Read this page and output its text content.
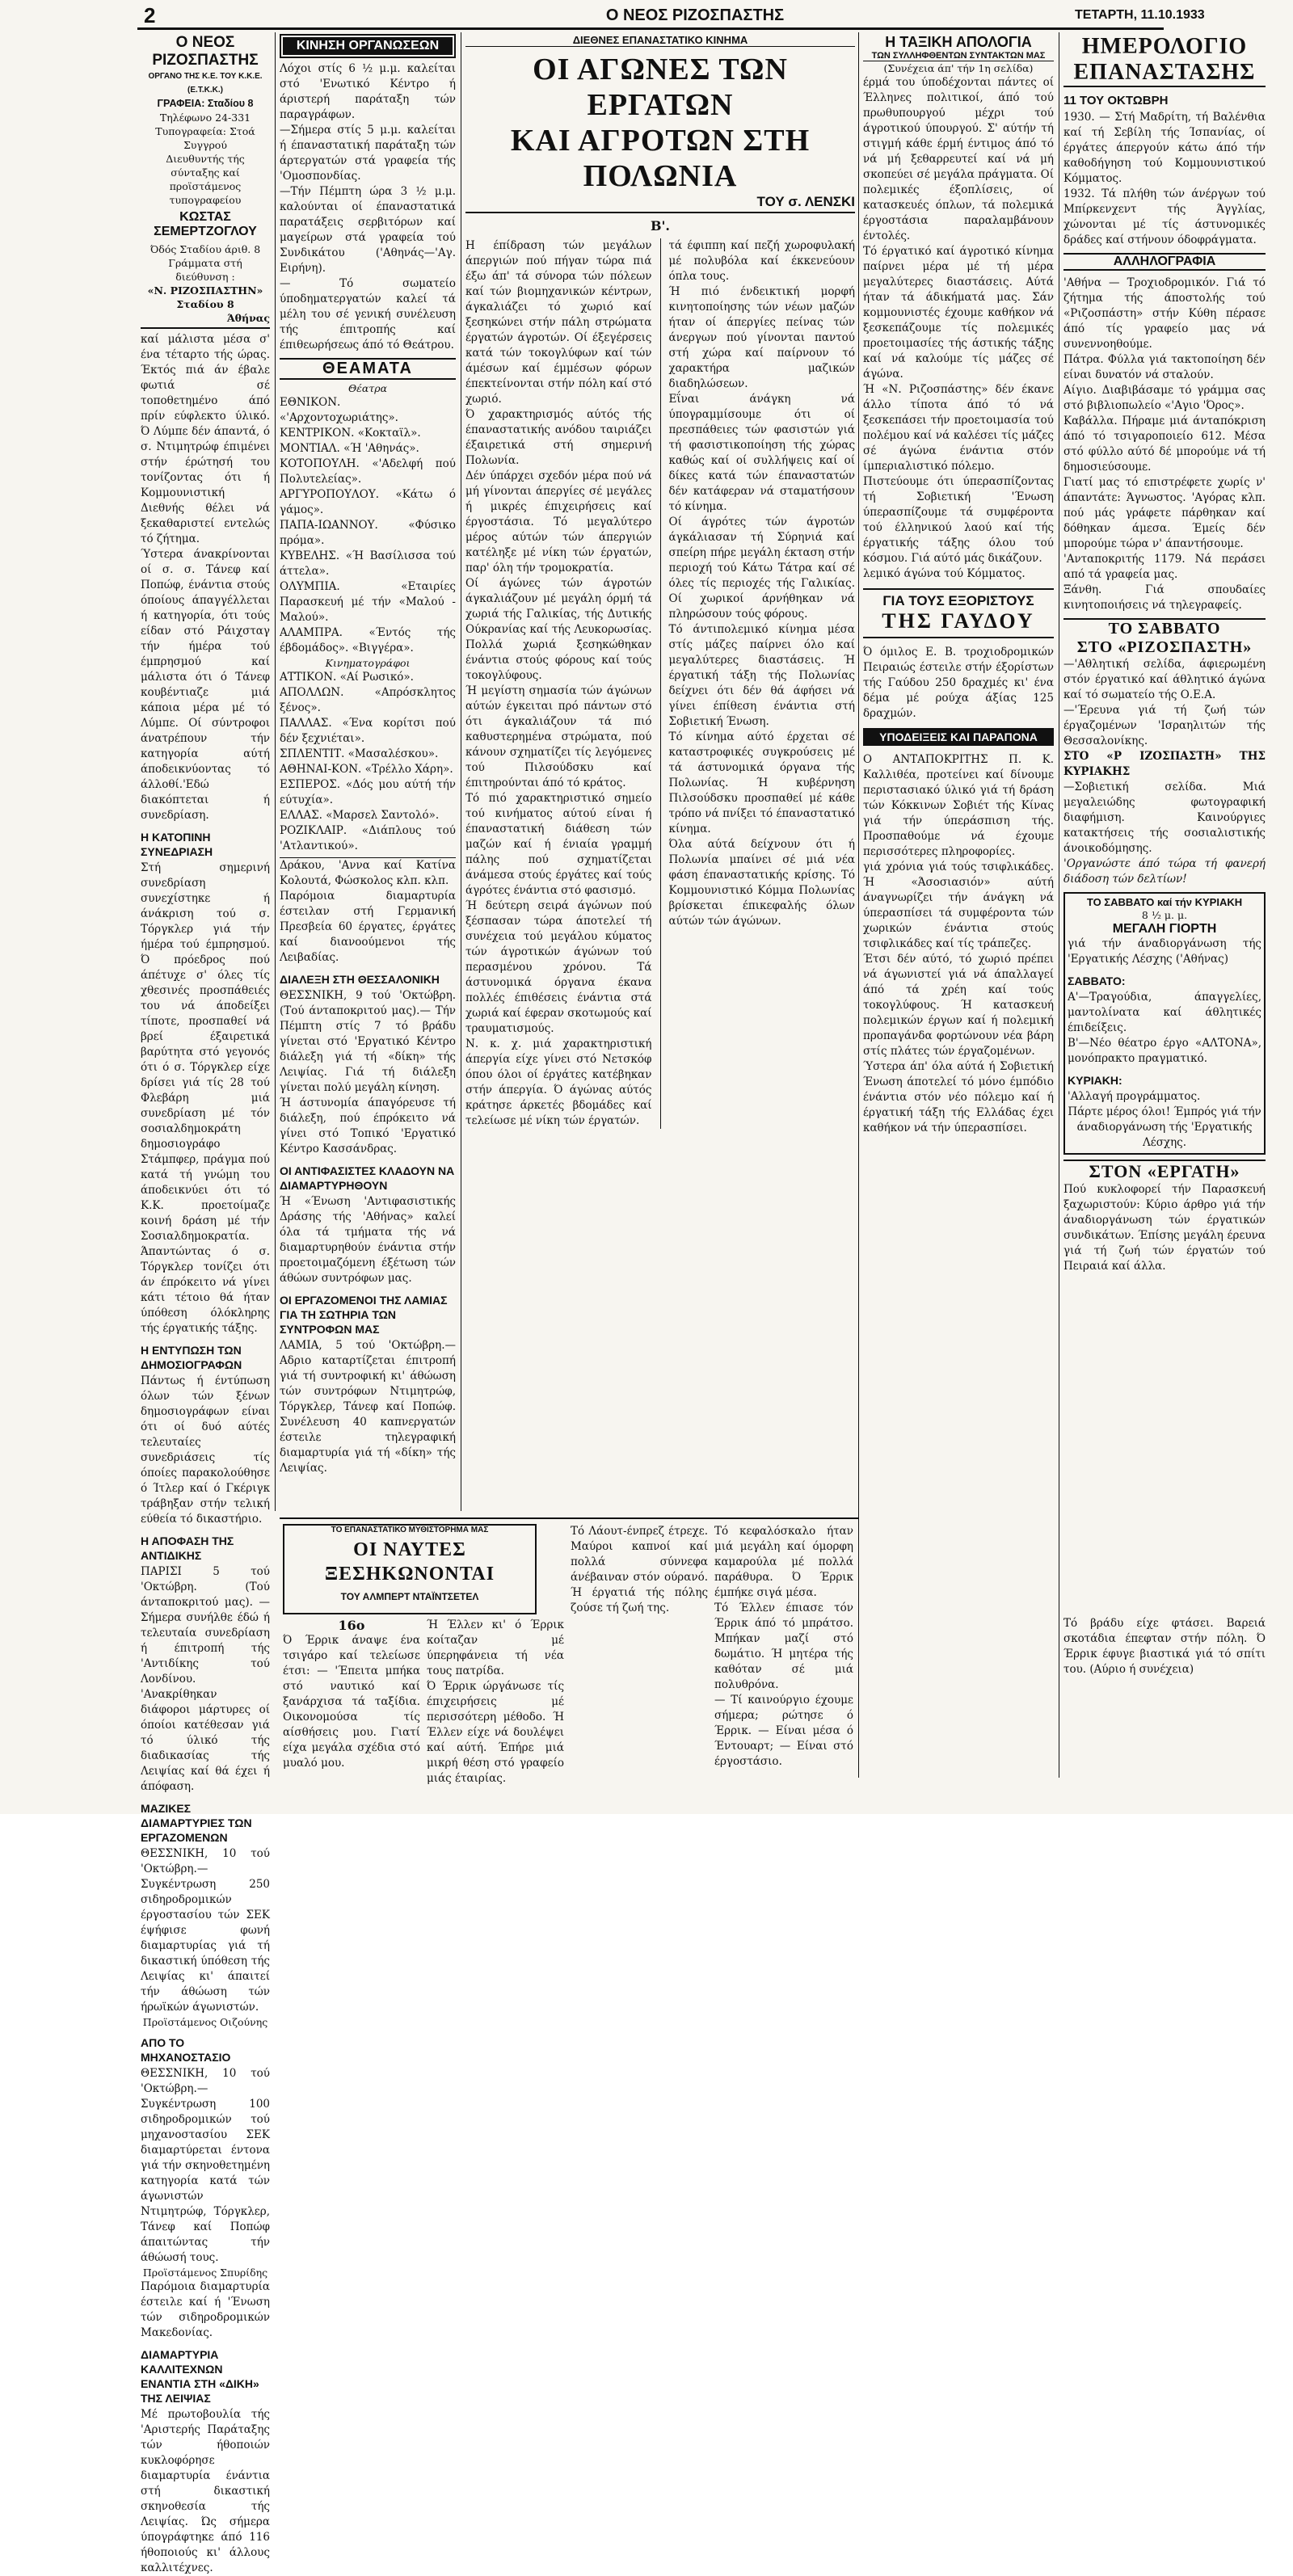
2	Ο ΝΕΟΣ ΡΙΖΟΣΠΑΣΤΗΣ	ΤΕΤΑΡΤΗ, 11.10.1933
Ο ΝΕΟΣ ΡΙΖΟΣΠΑΣΤΗΣ
ΟΡΓΑΝΟ ΤΗΣ Κ.Ε. ΤΟΥ Κ.Κ.Ε. (Ε.Τ.Κ.Κ.)
ΓΡΑΦΕΙΑ: Σταδίου 8
Τηλέφωνο 24-331
Τυπογραφεία: Στοά Συγγρού
Διευθυντής τής σύνταξης καί προϊστάμενος τυπογραφείου
ΚΩΣΤΑΣ ΣΕΜΕΡΤΖΟΓΛΟΥ
Όδός Σταδίου άριθ. 8
Γράμματα στή διεύθυνση :
«Ν. ΡΙΖΟΣΠΑΣΤΗΝ» Σταδίου 8
Άθήνας

καί μάλιστα μέσα σ' ένα τέταρτο τής ώρας. Έκτός πιά άν έβαλε φωτιά σέ τοποθετημένο άπό πρίν εύφλεκτο ύλικό. Ό Λύμπε δέν άπαντά, ό σ. Ντιμητρώφ έπιμένει στήν έρώτησή του τονίζοντας ότι ή Κομμουνιστική Διεθνής θέλει νά ξεκαθαριστεί εντελώς τό ζήτημα.

Ύστερα άνακρίνονται οί σ. σ. Τάνεφ καί Ποπώφ, ένάντια στούς όποίους άπαγγέλλεται ή κατηγορία, ότι τούς είδαν στό Ράιχσταγ τήν ήμέρα τού έμπρησμού καί μάλιστα ότι ό Τάνεφ κουβέντιαζε μιά κάποια μέρα μέ τό Λύμπε. Οί σύντροφοι άνατρέπουν τήν κατηγορία αύτή άποδεικνύοντας τό άλλοθί.'Εδώ διακόπτεται ή συνεδρίαση.

Η ΚΑΤΟΠΙΝΗ ΣΥΝΕΔΡΙΑΣΗ

Στή σημερινή συνεδρίαση συνεχίστηκε ή άνάκριση τού σ. Τόργκλερ γιά τήν ήμέρα τού έμπρησμού. Ό πρόεδρος πού άπέτυχε σ' όλες τίς χθεσινές προσπάθειές του νά άποδείξει τίποτε, προσπαθεί νά βρεί έξαιρετικά βαρύτητα στό γεγονός ότι ό σ. Τόργκλερ είχε δρίσει γιά τίς 28 τού Φλεβάρη μιά συνεδρίαση μέ τόν σοσιαλδημοκράτη δημοσιογράφο Στάμπφερ, πράγμα πού κατά τή γνώμη του άποδεικνύει ότι τό Κ.Κ. προετοίμαζε κοινή δράση μέ τήν Σοσιαλδημοκρατία. Άπαντώντας ό σ. Τόργκλερ τονίζει ότι άν έπρόκειτο νά γίνει κάτι τέτοιο θά ήταν ύπόθεση όλόκληρης τής έργατικής τάξης.

Η ΕΝΤΥΠΩΣΗ ΤΩΝ ΔΗΜΟΣΙΟΓΡΑΦΩΝ

Πάντως ή έντύπωση όλων τών ξένων δημοσιογράφων είναι ότι οί δυό αύτές τελευταίες συνεδριάσεις τίς όποίες παρακολούθησε ό Ίτλερ καί ό Γκέριγκ τράβηξαν στήν τελική εύθεία τό δικαστήριο.

Η ΑΠΟΦΑΣΗ ΤΗΣ ΑΝΤΙΔΙΚΗΣ

ΠΑΡΙΣΙ 5 τού 'Οκτώβρη. (Τού άνταποκριτού μας). — Σήμερα συνήλθε έδώ ή τελευταία συνεδρίαση ή έπιτροπή τής 'Αντιδίκης τού Λονδίνου. 'Ανακρίθηκαν διάφοροι μάρτυρες οί όποίοι κατέθεσαν γιά τό ύλικό τής διαδικασίας τής Λειψίας καί θά έχει ή άπόφαση.

ΜΑΖΙΚΕΣ ΔΙΑΜΑΡΤΥΡΙΕΣ ΤΩΝ ΕΡΓΑΖΟΜΕΝΩΝ

ΘΕΣΣΝΙΚΗ, 10 τού 'Οκτώβρη.— Συγκέντρωση 250 σιδηροδρομικών έργοστασίου τών ΣΕΚ έψήφισε φωνή διαμαρτυρίας γιά τή δικαστική ύπόθεση τής Λειψίας κι' άπαιτεί τήν άθώωση τών ήρωϊκών άγωνιστών.

Προϊστάμενος Οιζούνης
ΑΠΟ ΤΟ ΜΗΧΑΝΟΣΤΑΣΙΟ

ΘΕΣΣΝΙΚΗ, 10 τού 'Οκτώβρη.— Συγκέντρωση 100 σιδηροδρομικών τού μηχανοστασίου ΣΕΚ διαμαρτύρεται έντονα γιά τήν σκηνοθετημένη κατηγορία κατά τών άγωνιστών Ντιμητρώφ, Τόργκλερ, Τάνεφ καί Ποπώφ άπαιτώντας τήν άθώωσή τους.

Προϊστάμενος Σπυρίδης

Παρόμοια διαμαρτυρία έστειλε καί ή 'Ένωση τών σιδηροδρομικών Μακεδονίας.

ΔΙΑΜΑΡΤΥΡΙΑ ΚΑΛΛΙΤΕΧΝΩΝ ΕΝΑΝΤΙΑ ΣΤΗ «ΔΙΚΗ» ΤΗΣ ΛΕΙΨΙΑΣ

Μέ πρωτοβουλία τής 'Αριστερής Παράταξης τών ήθοποιών κυκλοφόρησε διαμαρτυρία ένάντια στή δικαστική σκηνοθεσία τής Λειψίας. Ώς σήμερα ύπογράφτηκε άπό 116 ήθοποιούς κι' άλλους καλλιτέχνες.

ΚΙΝΗΣΗ ΟΡΓΑΝΩΣΕΩΝ

Λόχοι στίς 6 ½ μ.μ. καλείται στό 'Ενωτικό Κέντρο ή άριστερή παράταξη τών παραγράφων.

—Σήμερα στίς 5 μ.μ. καλείται ή έπαναστατική παράταξη τών άρτεργατών στά γραφεία τής 'Ομοσπονδίας.

—Τήν Πέμπτη ώρα 3 ½ μ.μ. καλούνται οί έπαναστατικά παρατάξεις σερβιτόρων καί μαγείρων στά γραφεία τού Συνδικάτου ('Αθηνάς—'Αγ. Ειρήνη).

— Τό σωματείο ύποδηματεργατών καλεί τά μέλη του σέ γενική συνέλευση τής έπιτροπής καί έπιθεωρήσεως άπό τό Θεάτρου.

ΘΕΑΜΑΤΑ
Θέατρα
ΕΘΝΙΚΟΝ. «'Αρχοντοχωριάτης».
ΚΕΝΤΡΙΚΟΝ. «Κοκταϊλ».
ΜΟΝΤΙΑΛ. «Ή 'Αθηνάς».
ΚΟΤΟΠΟΥΛΗ. «'Αδελφή πού Πολυτελείας».
ΑΡΓΥΡΟΠΟΥΛΟΥ. «Κάτω ό γάμος».
ΠΑΠΑ-ΙΩΑΝΝΟΥ. «Φύσικο πρόμα».
ΚΥΒΕΛΗΣ. «Ή Βασίλισσα τού άττελα».
ΟΛΥΜΠΙΑ. «Εταιρίες Παρασκευή μέ τήν «Μαλού - Μαλού».
ΑΛΑΜΠΡΑ. «Έντός τής έβδομάδος». «Βιγγέρα».
Κινηματογράφοι
ΑΤΤΙΚΟΝ. «Αί Ρωσικό».
ΑΠΟΛΛΩΝ. «Απρόσκλητος ξένος».
ΠΑΛΛΑΣ. «Ένα κορίτσι πού δέν ξεχνιέται».
ΣΠΛΕΝΤΙΤ. «Μασαλέσκου».
ΑΘΗΝΑΙ-ΚΟΝ. «Τρέλλο Χάρη».
ΕΣΠΕΡΟΣ. «Δός μου αύτή τήν εύτυχία».
ΕΛΛΑΣ. «Μαρσελ Σαντολό».
ΡΟΖΙΚΛΑΙΡ. «Διάπλους τού 'Ατλαντικού».

Δράκου, 'Αννα καί Κατίνα Κολουτά, Φώσκολος κλπ. κλπ.

Παρόμοια διαμαρτυρία έστειλαν στή Γερμανική Πρεσβεία 60 έργατες, έργάτες καί διανοούμενοι τής Λειβαδίας.

ΔΙΑΛΕΞΗ ΣΤΗ ΘΕΣΣΑΛΟΝΙΚΗ

ΘΕΣΣΝΙΚΗ, 9 τού 'Οκτώβρη. (Τού άνταποκριτού μας).— Τήν Πέμπτη στίς 7 τό βράδυ γίνεται στό 'Εργατικό Κέντρο διάλεξη γιά τή «δίκη» τής Λειψίας. Γιά τή διάλεξη γίνεται πολύ μεγάλη κίνηση.

Ή άστυνομία άπαγόρευσε τή διάλεξη, πού έπρόκειτο νά γίνει στό Τοπικό 'Εργατικό Κέντρο Κασσάνδρας.

ΟΙ ΑΝΤΙΦΑΣΙΣΤΕΣ ΚΛΑΔΟΥΝ ΝΑ ΔΙΑΜΑΡΤΥΡΗΘΟΥΝ

Ή «Ένωση 'Αντιφασιστικής Δράσης τής 'Αθήνας» καλεί όλα τά τμήματα τής νά διαμαρτυρηθούν ένάντια στήν προετοιμαζόμενη έξέτωση τών άθώων συντρόφων μας.

ΟΙ ΕΡΓΑΖΟΜΕΝΟΙ ΤΗΣ ΛΑΜΙΑΣ ΓΙΑ ΤΗ ΣΩΤΗΡΙΑ ΤΩΝ ΣΥΝΤΡΟΦΩΝ ΜΑΣ

ΛΑΜΙΑ, 5 τού 'Οκτώβρη.— Αδριο καταρτίζεται έπιτροπή γιά τή συντροφική κι' άθώωση τών συντρόφων Ντιμητρώφ, Τόργκλερ, Τάνεφ καί Ποπώφ. Συνέλευση 40 καπνεργατών έστειλε τηλεγραφική διαμαρτυρία γιά τή «δίκη» τής Λειψίας.

ΔΙΕΘΝΕΣ ΕΠΑΝΑΣΤΑΤΙΚΟ ΚΙΝΗΜΑ
ΟΙ ΑΓΩΝΕΣ ΤΩΝ ΕΡΓΑΤΩΝ
ΚΑΙ ΑΓΡΟΤΩΝ ΣΤΗ ΠΟΛΩΝΙΑ
ΤΟΥ σ. ΛΕΝΣΚΙ
Β'.

Η έπίδραση τών μεγάλων άπεργιών πού πήγαν τώρα πιά έξω άπ' τά σύνορα τών πόλεων καί τών βιομηχανικών κέντρων, άγκαλιάζει τό χωριό καί ξεσηκώνει στήν πάλη στρώματα έργατών άγροτών. Οί έξεγέρσεις κατά τών τοκογλύφων καί τών άμέσων καί έμμέσων φόρων έπεκτείνονται στήν πόλη καί στό χωριό.

Ό χαρακτηρισμός αύτός τής έπαναστατικής ανόδου ταιριάζει έξαιρετικά στή σημερινή Πολωνία.

Δέν ύπάρχει σχεδόν μέρα πού νά μή γίνονται άπεργίες σέ μεγάλες ή μικρές έπιχειρήσεις καί έργοστάσια. Τό μεγαλύτερο μέρος αύτών τών άπεργιών κατέληξε μέ νίκη τών έργατών, παρ' όλη τήν τρομοκρατία.

Οί άγώνες τών άγροτών άγκαλιάζουν μέ μεγάλη όρμή τά χωριά τής Γαλικίας, τής Δυτικής Ούκρανίας καί τής Λευκορωσίας. Πολλά χωριά ξεσηκώθηκαν ένάντια στούς φόρους καί τούς τοκογλύφους.

Ή μεγίστη σημασία τών άγώνων αύτών έγκειται πρό πάντων στό ότι άγκαλιάζουν τά πιό καθυστερημένα στρώματα, πού κάνουν σχηματίζει τίς λεγόμενες τού Πιλσούδσκυ καί έπιτηρούνται άπό τό κράτος.

Τό πιό χαρακτηριστικό σημείο τού κινήματος αύτού είναι ή έπαναστατική διάθεση τών μαζών καί ή ένιαία γραμμή πάλης πού σχηματίζεται άνάμεσα στούς έργάτες καί τούς άγρότες ένάντια στό φασισμό.

Ή δεύτερη σειρά άγώνων πού ξέσπασαν τώρα άποτελεί τή συνέχεια τού μεγάλου κύματος τών άγροτικών άγώνων τού περασμένου χρόνου. Τά άστυνομικά όργανα έκανα πολλές έπιθέσεις ένάντια στά χωριά καί έφεραν σκοτωμούς καί τραυματισμούς.

Ν. κ. χ. μιά χαρακτηριστική άπεργία είχε γίνει στό Νετσκόφ όπου όλοι οί έργάτες κατέβηκαν στήν άπεργία. Ό άγώνας αύτός κράτησε άρκετές βδομάδες καί τελείωσε μέ νίκη τών έργατών.

τά έφιππη καί πεζή χωροφυλακή μέ πολυβόλα καί έκκενεύουν όπλα τους.

Ή πιό ένδεικτική μορφή κινητοποίησης τών νέων μαζών ήταν οί άπεργίες πείνας τών άνεργων πού γίνονται παντού στή χώρα καί παίρνουν τό χαρακτήρα μαζικών διαδηλώσεων.

Εΐναι άνάγκη νά ύπογραμμίσουμε ότι οί πρεσπάθειες τών φασιστών γιά τή φασιστικοποίηση τής χώρας καθώς καί οί συλλήψεις καί οί δίκες κατά τών έπαναστατών δέν κατάφεραν νά σταματήσουν τό κίνημα.

Οί άγρότες τών άγροτών άγκάλιασαν τή Σύρηνιά καί σπείρη πήρε μεγάλη έκταση στήν περιοχή τού Κάτω Τάτρα καί σέ όλες τίς περιοχές τής Γαλικίας. Οί χωρικοί άρνήθηκαν νά πληρώσουν τούς φόρους.

Τό άντιπολεμικό κίνημα μέσα στίς μάζες παίρνει όλο καί μεγαλύτερες διαστάσεις. Ή έργατική τάξη τής Πολωνίας δείχνει ότι δέν θά άφήσει νά γίνει έπίθεση ένάντια στή Σοβιετική Ένωση.

Τό κίνημα αύτό έρχεται σέ καταστροφικές συγκρούσεις μέ τά άστυνομικά όργανα τής Πολωνίας. Ή κυβέρνηση Πιλσούδσκυ προσπαθεί μέ κάθε τρόπο νά πνίξει τό έπαναστατικό κίνημα.

Όλα αύτά δείχνουν ότι ή Πολωνία μπαίνει σέ μιά νέα φάση έπαναστατικής κρίσης. Τό Κομμουνιστικό Κόμμα Πολωνίας βρίσκεται έπικεφαλής όλων αύτών τών άγώνων.

Η ΤΑΞΙΚΗ ΑΠΟΛΟΓΙΑ
ΤΩΝ ΣΥΛΛΗΦΘΕΝΤΩΝ ΣΥΝΤΑΚΤΩΝ ΜΑΣ
(Συνέχεια άπ' τήν 1η σελίδα)

έρμά του ύποδέχονται πάντες οί Έλληνες πολιτικοί, άπό τού πρωθυπουργού μέχρι τού άγροτικού ύπουργού. Σ' αύτήν τή στιγμή κάθε έρμή έντιμος άπό τό νά μή ξεθαρρευτεί καί νά μή σκοπεύει σέ μεγάλα πράγματα. Οί πολεμικές έξοπλίσεις, οί κατασκευές όπλων, τά πολεμικά έργοστάσια παραλαμβάνουν έντολές.

Τό έργατικό καί άγροτικό κίνημα παίρνει μέρα μέ τή μέρα μεγαλύτερες διαστάσεις. Αύτά ήταν τά άδικήματά μας. Σάν κομμουνιστές έχουμε καθήκον νά ξεσκεπάζουμε τίς πολεμικές προετοιμασίες τής άστικής τάξης καί νά καλούμε τίς μάζες σέ άγώνα.

Ή «Ν. Ριζοσπάστης» δέν έκανε άλλο τίποτα άπό τό νά ξεσκεπάσει τήν προετοιμασία τού πολέμου καί νά καλέσει τίς μάζες σέ άγώνα ένάντια στόν ίμπεριαλιστικό πόλεμο.

Πιστεύουμε ότι ύπερασπίζοντας τή Σοβιετική 'Ένωση ύπερασπίζουμε τά συμφέροντα τού έλληνικού λαού καί τής έργατικής τάξης όλου τού κόσμου. Γιά αύτό μάς δικάζουν.

λεμικό άγώνα τού Κόμματος.

ΓΙΑ ΤΟΥΣ ΕΞΟΡΙΣΤΟΥΣ
ΤΗΣ ΓΑΥΔΟΥ

Ό όμιλος Ε. Β. τροχιοδρομικών Πειραιώς έστειλε στήν έξορίστων τής Γαύδου 250 δραχμές κι' ένα δέμα μέ ρούχα άξίας 125 δραχμών.

ΥΠΟΔΕΙΞΕΙΣ ΚΑΙ ΠΑΡΑΠΟΝΑ

Ο ΑΝΤΑΠΟΚΡΙΤΗΣ Π. Κ. Καλλιθέα, προτείνει καί δίνουμε περιστασιακό ύλικό γιά τή δράση τών Κόκκινων Σοβιέτ τής Κίνας γιά τήν ύπεράσπιση τής. Προσπαθούμε νά έχουμε περισσότερες πληροφορίες.

γιά χρόνια γιά τούς τσιφλικάδες. Ή «Άσοσιασιόν» αύτή άναγνωρίζει τήν άνάγκη νά ύπερασπίσει τά συμφέροντα τών χωρικών ένάντια στούς τσιφλικάδες καί τίς τράπεζες.

Έτσι δέν αύτό, τό χωριό πρέπει νά άγωνιστεί γιά νά άπαλλαγεί άπό τά χρέη καί τούς τοκογλύφους. Ή κατασκευή πολεμικών έργων καί ή πολεμική προπαγάνδα φορτώνουν νέα βάρη στίς πλάτες τών έργαζομένων.

Ύστερα άπ' όλα αύτά ή Σοβιετική Ένωση άποτελεί τό μόνο έμπόδιο ένάντια στόν νέο πόλεμο καί ή έργατική τάξη τής Ελλάδας έχει καθήκον νά τήν ύπερασπίσει.

ΗΜΕΡΟΛΟΓΙΟ
ΕΠΑΝΑΣΤΑΣΗΣ
11 ΤΟΥ ΟΚΤΩΒΡΗ

1930. — Στή Μαδρίτη, τή Βαλένθια καί τή Σεβίλη τής Ίσπανίας, οί έργάτες άπεργούν κάτω άπό τήν καθοδήγηση τού Κομμουνιστικού Κόμματος.

1932. Τά πλήθη τών άνέργων τού Μπίρκενχεντ τής Άγγλίας, χώνονται μέ τίς άστυνομικές δράδες καί στήνουν όδοφράγματα.

ΑΛΛΗΛΟΓΡΑΦΙΑ

'Αθήνα — Τροχιοδρομικόν. Γιά τό ζήτημα τής άποστολής τού «Ριζοσπάστη» στήν Κύθη πέρασε άπό τίς γραφείο μας νά συνεννοηθούμε.

Πάτρα. Φύλλα γιά τακτοποίηση δέν είναι δυνατόν νά σταλούν.

Αίγιο. Διαβιβάσαμε τό γράμμα σας στό βιβλιοπωλείο «'Αγιο 'Όρος».

Καβάλλα. Πήραμε μιά άνταπόκριση άπό τό τσιγαροποιείο 612. Μέσα στό φύλλο αύτό δέ μπορούμε νά τή δημοσιεύσουμε.

Γιατί μας τό επιστρέφετε χωρίς ν' άπαντάτε: Άγνωστος. 'Αγόρας κλπ. πού μάς γράφετε πάρθηκαν καί δόθηκαν άμεσα. Έμείς δέν μπορούμε τώρα ν' άπαντήσουμε.

'Ανταποκριτής 1179. Νά περάσει από τά γραφεία μας.

Ξάνθη. Γιά σπουδαίες κινητοποιήσεις νά τηλεγραφείς.

ΤΟ ΣΑΒΒΑΤΟ
ΣΤΟ «ΡΙΖΟΣΠΑΣΤΗ»

—'Αθλητική σελίδα, άφιερωμένη στόν έργατικό καί άθλητικό άγώνα καί τό σωματείο τής Ο.Ε.Α.

—'Έρευνα γιά τή ζωή τών έργαζομένων 'Ισραηλιτών τής Θεσσαλονίκης.

ΣΤΟ «Ρ ΙΖΟΣΠΑΣΤΗ» ΤΗΣ ΚΥΡΙΑΚΗΣ

—Σοβιετική σελίδα. Μιά μεγαλειώδης φωτογραφική διαφήμιση. Καινούργιες κατακτήσεις τής σοσιαλιστικής άνοικοδόμησης.

'Οργανώστε άπό τώρα τή φανερή διάδοση τών δελτίων!

ΤΟ ΣΑΒΒΑΤΟ καί τήν ΚΥΡΙΑΚΗ
8 ½ μ. μ.
ΜΕΓΑΛΗ ΓΙΟΡΤΗ

γιά τήν άναδιοργάνωση τής 'Εργατικής Λέσχης ('Αθήνας)

ΣΑΒΒΑΤΟ:

Α'—Τραγούδια, άπαγγελίες, μαντολίνατα καί άθλητικές έπιδείξεις.

Β'—Νέο θέατρο έργο «ΑΛΤΟΝΑ», μονόπρακτο πραγματικό.

ΚΥΡΙΑΚΗ:

'Αλλαγή προγράμματος.

Πάρτε μέρος όλοι! Έμπρός γιά τήν άναδιοργάνωση τής 'Εργατικής Λέσχης.

ΣΤΟΝ «ΕΡΓΑΤΗ»

Πού κυκλοφορεί τήν Παρασκευή ξαχωριστούν: Κύριο άρθρο γιά τήν άναδιοργάνωση τών έργατικών συνδικάτων. Έπίσης μεγάλη έρευνα γιά τή ζωή τών έργατών τού Πειραιά καί άλλα.

ΤΟ ΕΠΑΝΑΣΤΑΤΙΚΟ ΜΥΘΙΣΤΟΡΗΜΑ ΜΑΣ
ΟΙ ΝΑΥΤΕΣ ΞΕΣΗΚΩΝΟΝΤΑΙ
ΤΟΥ ΑΛΜΠΕΡΤ ΝΤΑΪΝΤΣΕΤΕΛ
16ο

Ό Έρρικ άναψε ένα τσιγάρο καί τελείωσε έτσι: — 'Έπειτα μπήκα στό ναυτικό καί ξανάρχισα τά ταξίδια. Οικονομούσα τίς αίσθήσεις μου. Γιατί είχα μεγάλα σχέδια στό μυαλό μου.

Ή Έλλεν κι' ό Έρρικ κοίταζαν μέ ύπερηφάνεια τή νέα τους πατρίδα.

Ό Έρρικ ώργάνωσε τίς έπιχειρήσεις μέ περισσότερη μέθοδο. Ή Έλλεν είχε νά δουλέψει καί αύτή. Έπήρε μιά μικρή θέση στό γραφείο μιάς έταιρίας.

Τό Λάουτ-ένπρεζ έτρεχε. Μαύροι καπνοί καί πολλά σύννεφα άνέβαιναν στόν ούρανό. Ή έργατιά τής πόλης ζούσε τή ζωή της.

Τό κεφαλόσκαλο ήταν μιά μεγάλη καί όμορφη καμαρούλα μέ πολλά παράθυρα. Ό Έρρικ έμπήκε σιγά μέσα.

Τό Έλλεν έπιασε τόν Έρρικ άπό τό μπράτσο. Μπήκαν μαζί στό δωμάτιο. Ή μητέρα τής καθόταν σέ μιά πολυθρόνα.

— Τί καινούργιο έχουμε σήμερα; ρώτησε ό Έρρικ. — Είναι μέσα ό Έντουαρτ; — Είναι στό έργοστάσιο.

Τό βράδυ είχε φτάσει. Βαρειά σκοτάδια έπεφταν στήν πόλη. Ό Έρρικ έφυγε βιαστικά γιά τό σπίτι του. (Αύριο ή συνέχεια)
